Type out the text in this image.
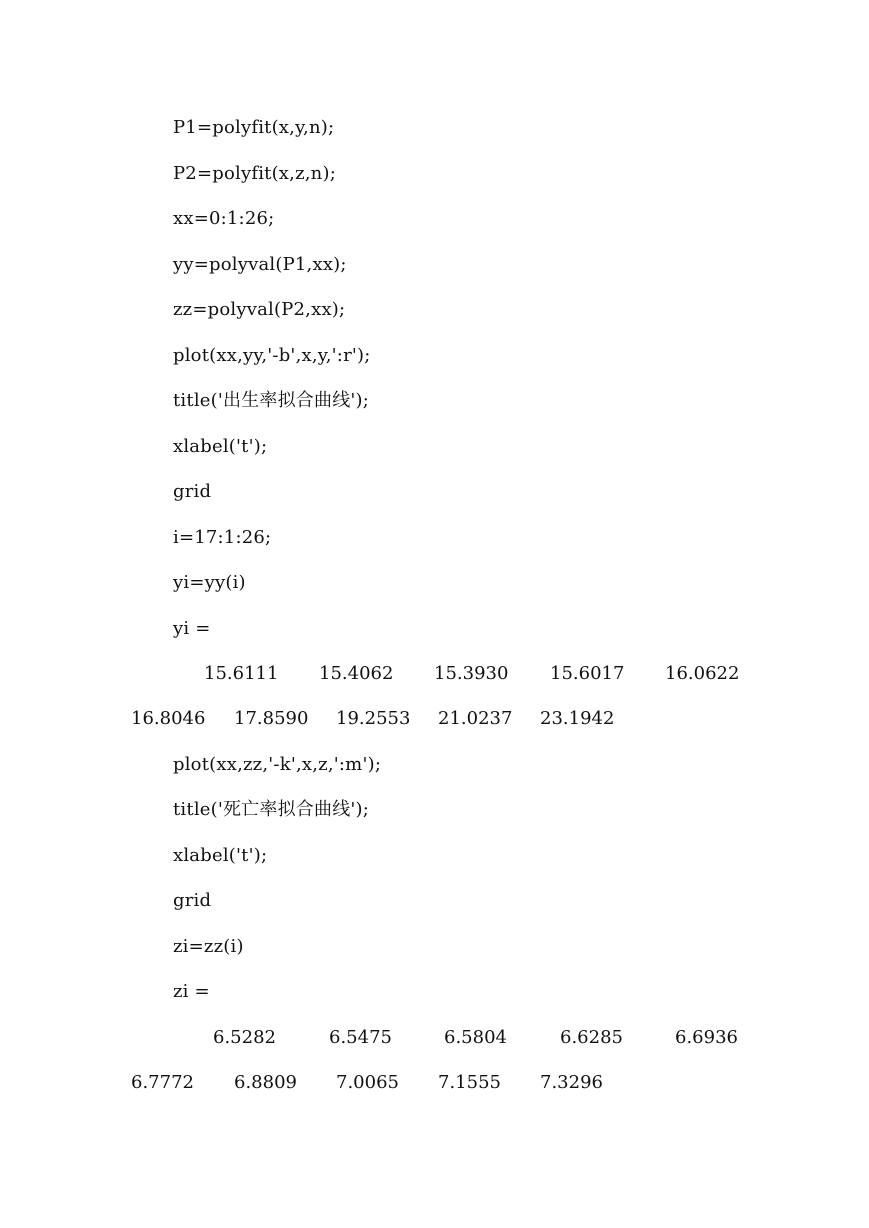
P1=polyfit(x,y,n);
P2=polyfit(x,z,n);
xx=0:1:26;
yy=polyval(P1,xx);
zz=polyval(P2,xx);
plot(xx,yy,'-b',x,y,':r');
title('出生率拟合曲线');
xlabel('t');
grid
i=17:1:26;
yi=yy(i)
yi =
15.6111 15.4062 15.3930 15.6017 16.0622
16.8046 17.8590 19.2553 21.0237 23.1942
plot(xx,zz,'-k',x,z,':m');
title('死亡率拟合曲线');
xlabel('t');
grid
zi=zz(i)
zi =
6.5282	6.5475	6.5804	6.6285	6.6936
6.7772 6.8809 7.0065 7.1555 7.3296
